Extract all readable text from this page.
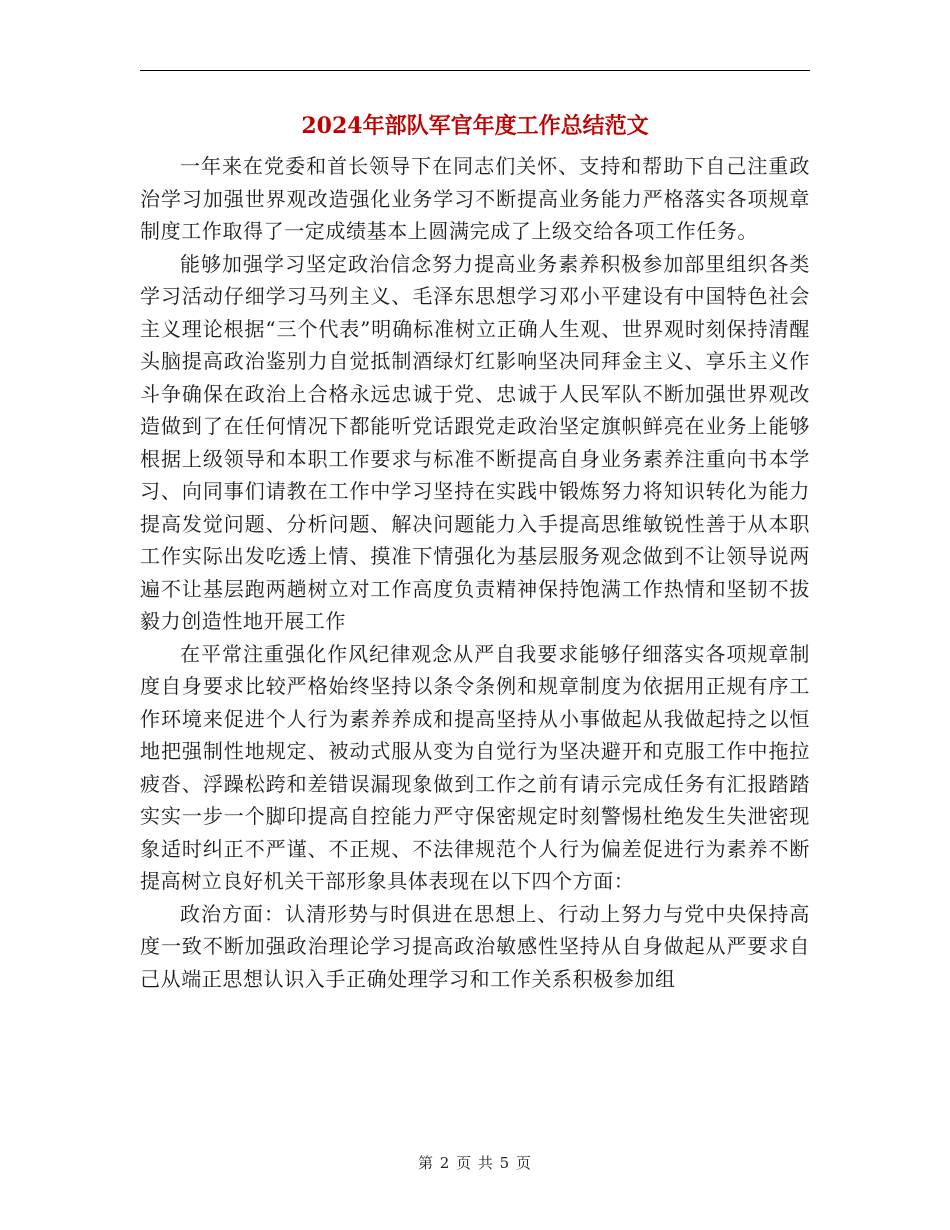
2024年部队军官年度工作总结范文

一年来在党委和首长领导下在同志们关怀、支持和帮助下自己注重政治学习加强世界观改造强化业务学习不断提高业务能力严格落实各项规章制度工作取得了一定成绩基本上圆满完成了上级交给各项工作任务。

能够加强学习坚定政治信念努力提高业务素养积极参加部里组织各类学习活动仔细学习马列主义、毛泽东思想学习邓小平建设有中国特色社会主义理论根据“三个代表”明确标准树立正确人生观、世界观时刻保持清醒头脑提高政治鉴别力自觉抵制酒绿灯红影响坚决同拜金主义、享乐主义作斗争确保在政治上合格永远忠诚于党、忠诚于人民军队不断加强世界观改造做到了在任何情况下都能听党话跟党走政治坚定旗帜鲜亮在业务上能够根据上级领导和本职工作要求与标准不断提高自身业务素养注重向书本学习、向同事们请教在工作中学习坚持在实践中锻炼努力将知识转化为能力提高发觉问题、分析问题、解决问题能力入手提高思维敏锐性善于从本职工作实际出发吃透上情、摸准下情强化为基层服务观念做到不让领导说两遍不让基层跑两趟树立对工作高度负责精神保持饱满工作热情和坚韧不拔毅力创造性地开展工作

在平常注重强化作风纪律观念从严自我要求能够仔细落实各项规章制度自身要求比较严格始终坚持以条令条例和规章制度为依据用正规有序工作环境来促进个人行为素养养成和提高坚持从小事做起从我做起持之以恒地把强制性地规定、被动式服从变为自觉行为坚决避开和克服工作中拖拉疲沓、浮躁松跨和差错误漏现象做到工作之前有请示完成任务有汇报踏踏实实一步一个脚印提高自控能力严守保密规定时刻警惕杜绝发生失泄密现象适时纠正不严谨、不正规、不法律规范个人行为偏差促进行为素养不断提高树立良好机关干部形象具体表现在以下四个方面：

政治方面：认清形势与时俱进在思想上、行动上努力与党中央保持高度一致不断加强政治理论学习提高政治敏感性坚持从自身做起从严要求自己从端正思想认识入手正确处理学习和工作关系积极参加组

第 2 页 共 5 页
